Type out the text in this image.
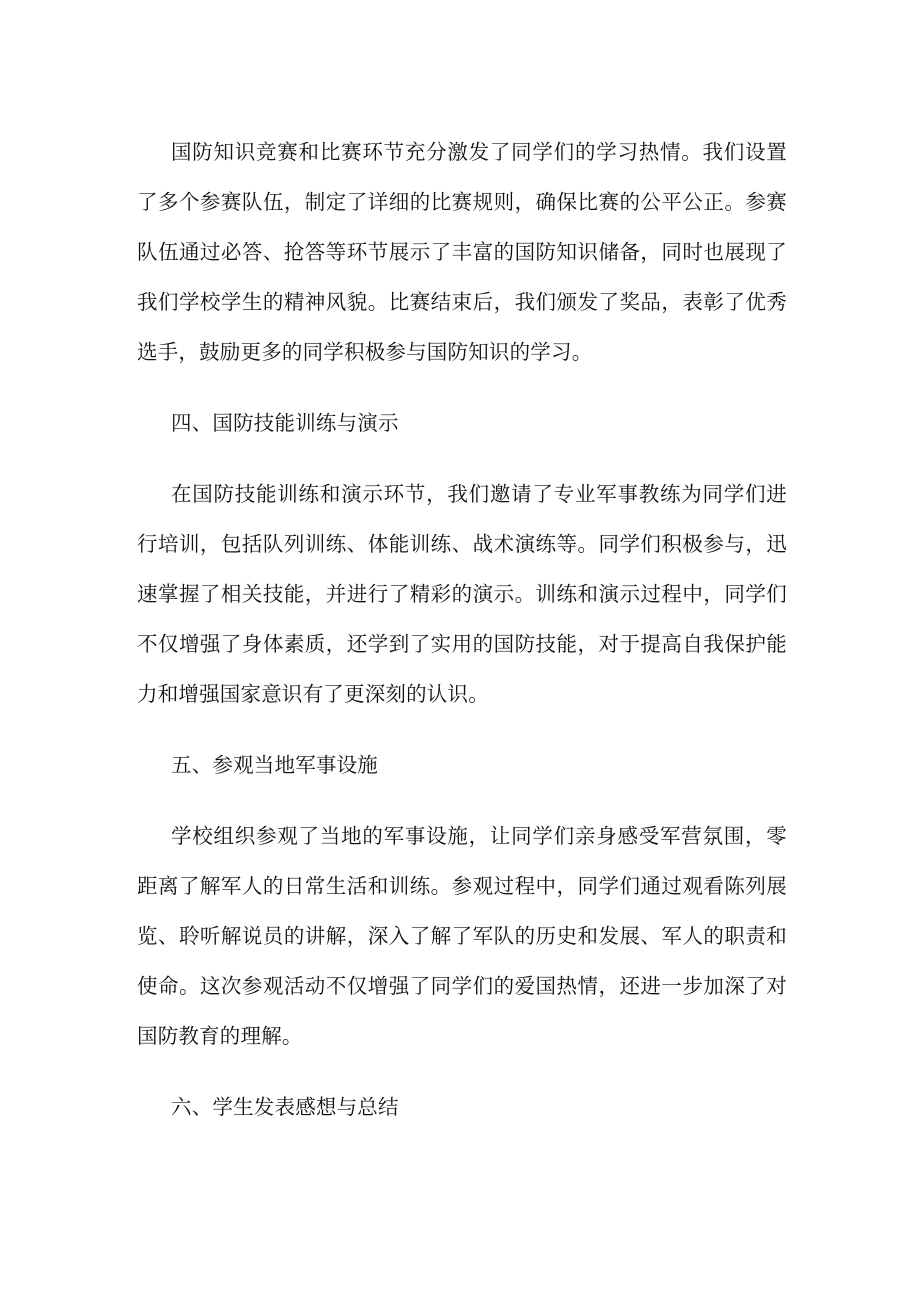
国防知识竞赛和比赛环节充分激发了同学们的学习热情。我们设置了多个参赛队伍，制定了详细的比赛规则，确保比赛的公平公正。参赛队伍通过必答、抢答等环节展示了丰富的国防知识储备，同时也展现了我们学校学生的精神风貌。比赛结束后，我们颁发了奖品，表彰了优秀选手，鼓励更多的同学积极参与国防知识的学习。

四、国防技能训练与演示

在国防技能训练和演示环节，我们邀请了专业军事教练为同学们进行培训，包括队列训练、体能训练、战术演练等。同学们积极参与，迅速掌握了相关技能，并进行了精彩的演示。训练和演示过程中，同学们不仅增强了身体素质，还学到了实用的国防技能，对于提高自我保护能力和增强国家意识有了更深刻的认识。

五、参观当地军事设施

学校组织参观了当地的军事设施，让同学们亲身感受军营氛围，零距离了解军人的日常生活和训练。参观过程中，同学们通过观看陈列展览、聆听解说员的讲解，深入了解了军队的历史和发展、军人的职责和使命。这次参观活动不仅增强了同学们的爱国热情，还进一步加深了对国防教育的理解。

六、学生发表感想与总结
